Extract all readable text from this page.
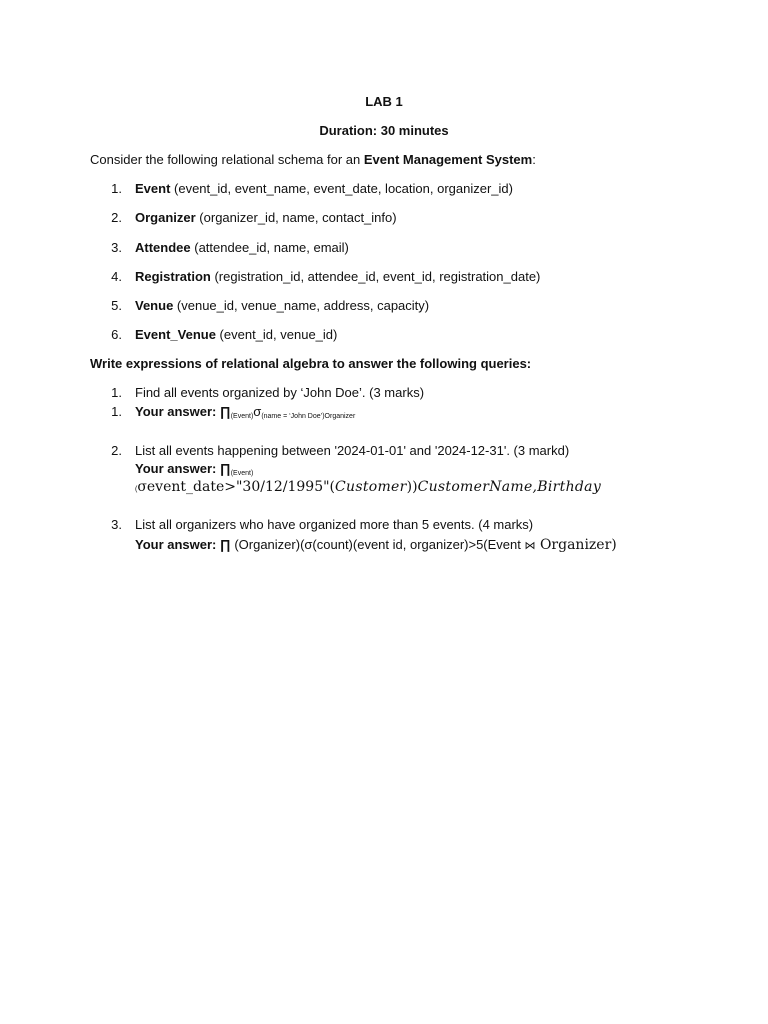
LAB 1
Duration: 30 minutes
Consider the following relational schema for an Event Management System:
1. Event (event_id, event_name, event_date, location, organizer_id)
2. Organizer (organizer_id, name, contact_info)
3. Attendee (attendee_id, name, email)
4. Registration (registration_id, attendee_id, event_id, registration_date)
5. Venue (venue_id, venue_name, address, capacity)
6. Event_Venue (event_id, venue_id)
Write expressions of relational algebra to answer the following queries:
1. Find all events organized by ‘John Doe’. (3 marks)
1. Your answer: $\prod_{(Event)}\sigma_{(name = ‘John Doe’)Organizer}$
2. List all events happening between '2024-01-01' and '2024-12-31'. (3 markd)
Your answer: $\prod_{(Event)}$
(σevent_date>"30/12/1995"(Customer))CustomerName,Birthday
3. List all organizers who have organized more than 5 events. (4 marks)
Your answer: ∏ (Organizer)(σ(count)(event id, organizer)>5(Event ⋈ Organizer)
